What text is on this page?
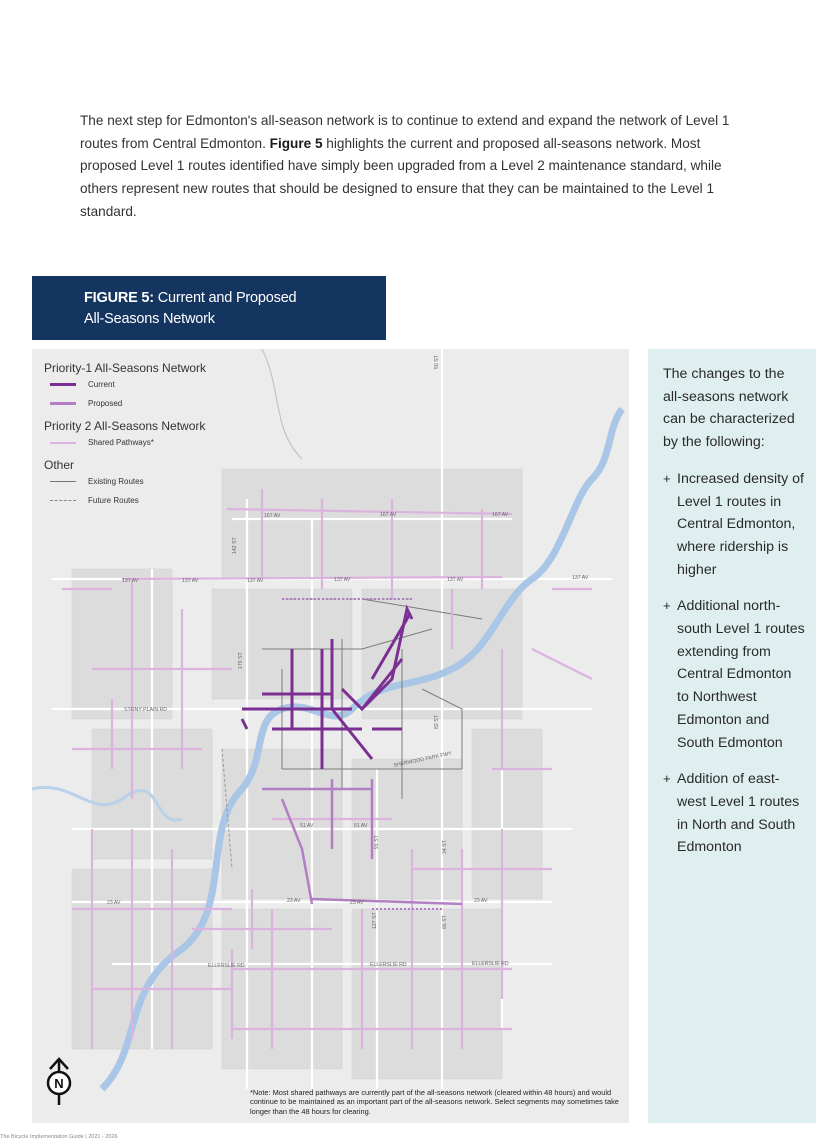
The next step for Edmonton's all-season network is to continue to extend and expand the network of Level 1 routes from Central Edmonton. Figure 5 highlights the current and proposed all-seasons network. Most proposed Level 1 routes identified have simply been upgraded from a Level 2 maintenance standard, while others represent new routes that should be designed to ensure that they can be maintained to the Level 1 standard.

FIGURE 5: Current and Proposed
All-Seasons Network
Priority-1 All-Seasons Network
Current
Proposed
Priority 2 All-Seasons Network
Shared Pathways*
Other
Existing Routes
Future Routes
167 AV	167 AV	167 AV
137 AV	137 AV	137 AV	137 AV	137 AV	137 AV
STONY PLAIN RD
SHERWOOD PARK FWY
51 AV	51 AV
23 AV	23 AV	23 AV	23 AV
ELLERSLIE RD	ELLERSLIE RD	ELLERSLIE RD
142 ST
50 ST
82 ST
91 ST	34 ST
170 ST
66 ST
127 ST
N
*Note: Most shared pathways are currently part of the all-seasons network (cleared within 48 hours) and would continue to be maintained as an important part of the all-seasons network. Select segments may sometimes take longer than the 48 hours for clearing.

The changes to the all-seasons network can be characterized by the following:

+ Increased density of Level 1 routes in Central Edmonton, where ridership is higher
+ Additional north-south Level 1 routes extending from Central Edmonton to Northwest Edmonton and South Edmonton
+ Addition of east-west Level 1 routes in North and South Edmonton
The Bicycle Implementation Guide | 2021 - 2026
